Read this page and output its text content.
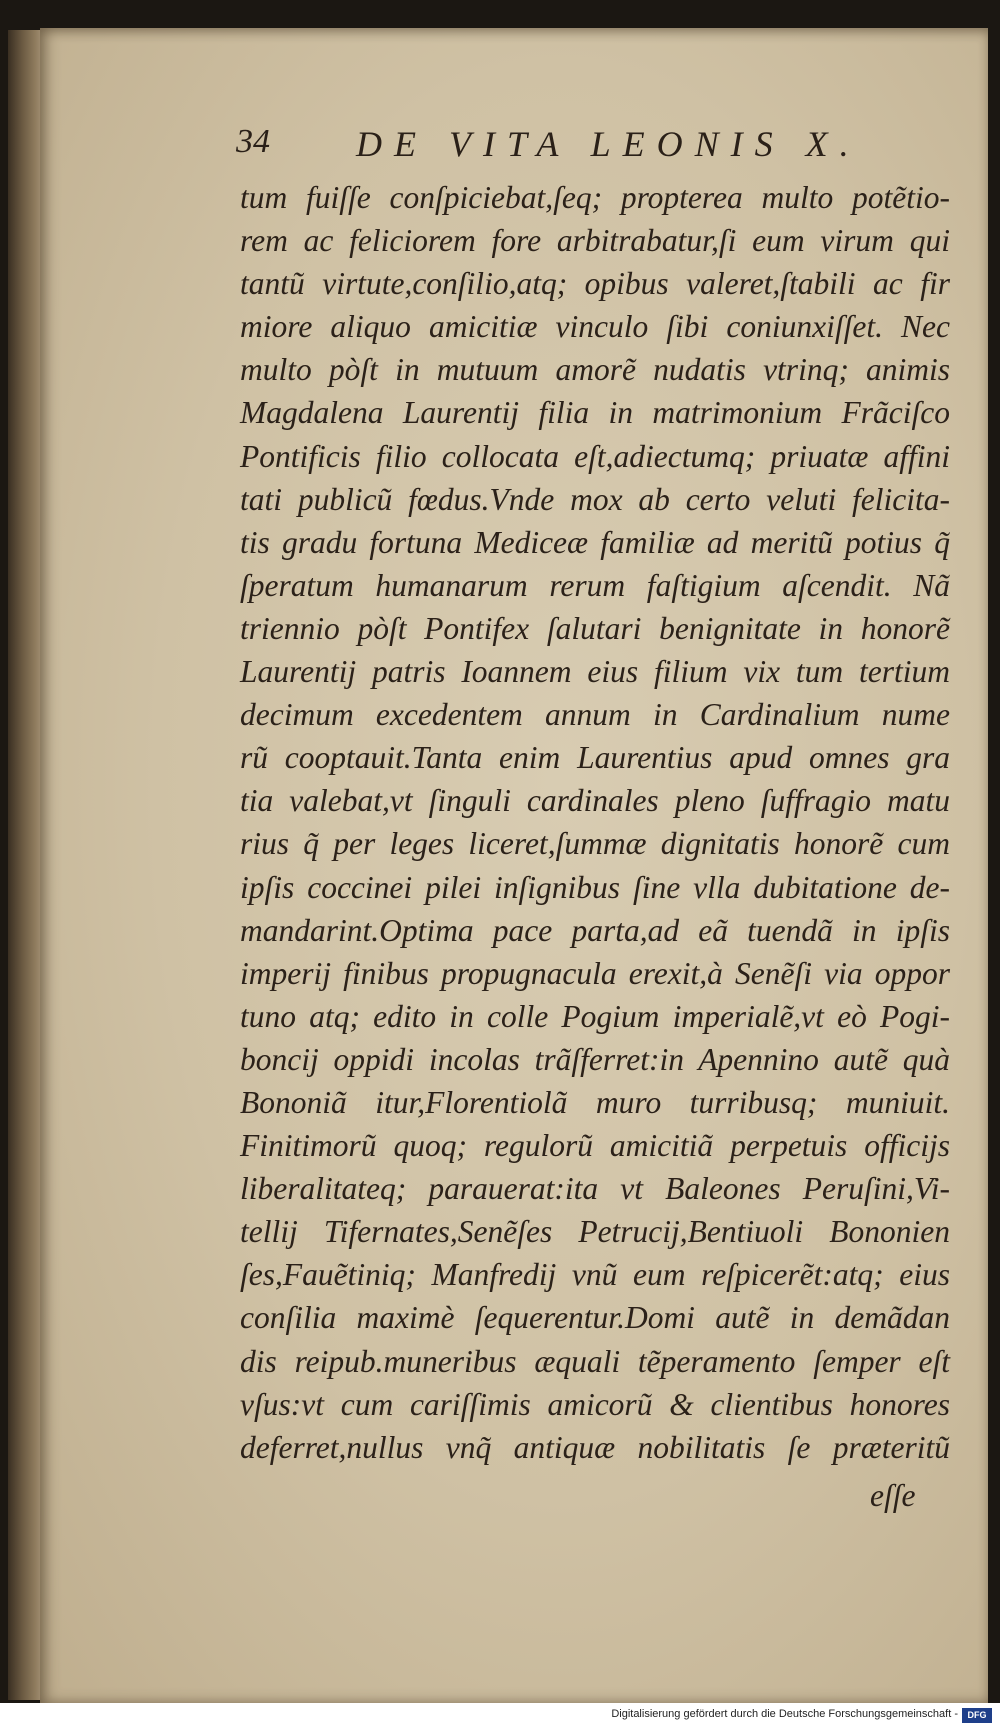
34 DE VITA LEONIS X.
tum fuiſſe conſpiciebat,ſeq; propterea multo potẽtio-
rem ac feliciorem fore arbitrabatur,ſi eum virum qui
tantũ virtute,conſilio,atq; opibus valeret,ſtabili ac fir
miore aliquo amicitiæ vinculo ſibi coniunxiſſet. Nec
multo pòſt in mutuum amorẽ nudatis vtrinq; animis
Magdalena Laurentij filia in matrimonium Frãciſco
Pontificis filio collocata eſt,adiectumq; priuatæ affini
tati publicũ fœdus.Vnde mox ab certo veluti felicita-
tis gradu fortuna Mediceæ familiæ ad meritũ potius q̃
ſperatum humanarum rerum faſtigium aſcendit. Nã
triennio pòſt Pontifex ſalutari benignitate in honorẽ
Laurentij patris Ioannem eius filium vix tum tertium
decimum excedentem annum in Cardinalium nume
rũ cooptauit.Tanta enim Laurentius apud omnes gra
tia valebat,vt ſinguli cardinales pleno ſuffragio matu
rius q̃ per leges liceret,ſummæ dignitatis honorẽ cum
ipſis coccinei pilei inſignibus ſine vlla dubitatione de-
mandarint.Optima pace parta,ad eã tuendã in ipſis
imperij finibus propugnacula erexit,à Senẽſi via oppor
tuno atq; edito in colle Pogium imperialẽ,vt eò Pogi-
boncij oppidi incolas trãſferret:in Apennino autẽ quà
Bononiã itur,Florentiolã muro turribusq; muniuit.
Finitimorũ quoq; regulorũ amicitiã perpetuis officijs
liberalitateq; parauerat:ita vt Baleones Peruſini,Vi-
tellij Tifernates,Senẽſes Petrucij,Bentiuoli Bononien
ſes,Fauẽtiniq; Manfredij vnũ eum reſpicerẽt:atq; eius
conſilia maximè ſequerentur.Domi autẽ in demãdan
dis reipub.muneribus æquali tẽperamento ſemper eſt
vſus:vt cum cariſſimis amicorũ & clientibus honores
deferret,nullus vnq̃ antiquæ nobilitatis ſe præteritũ
eſſe
Digitalisierung gefördert durch die Deutsche Forschungsgemeinschaft -	DFG
